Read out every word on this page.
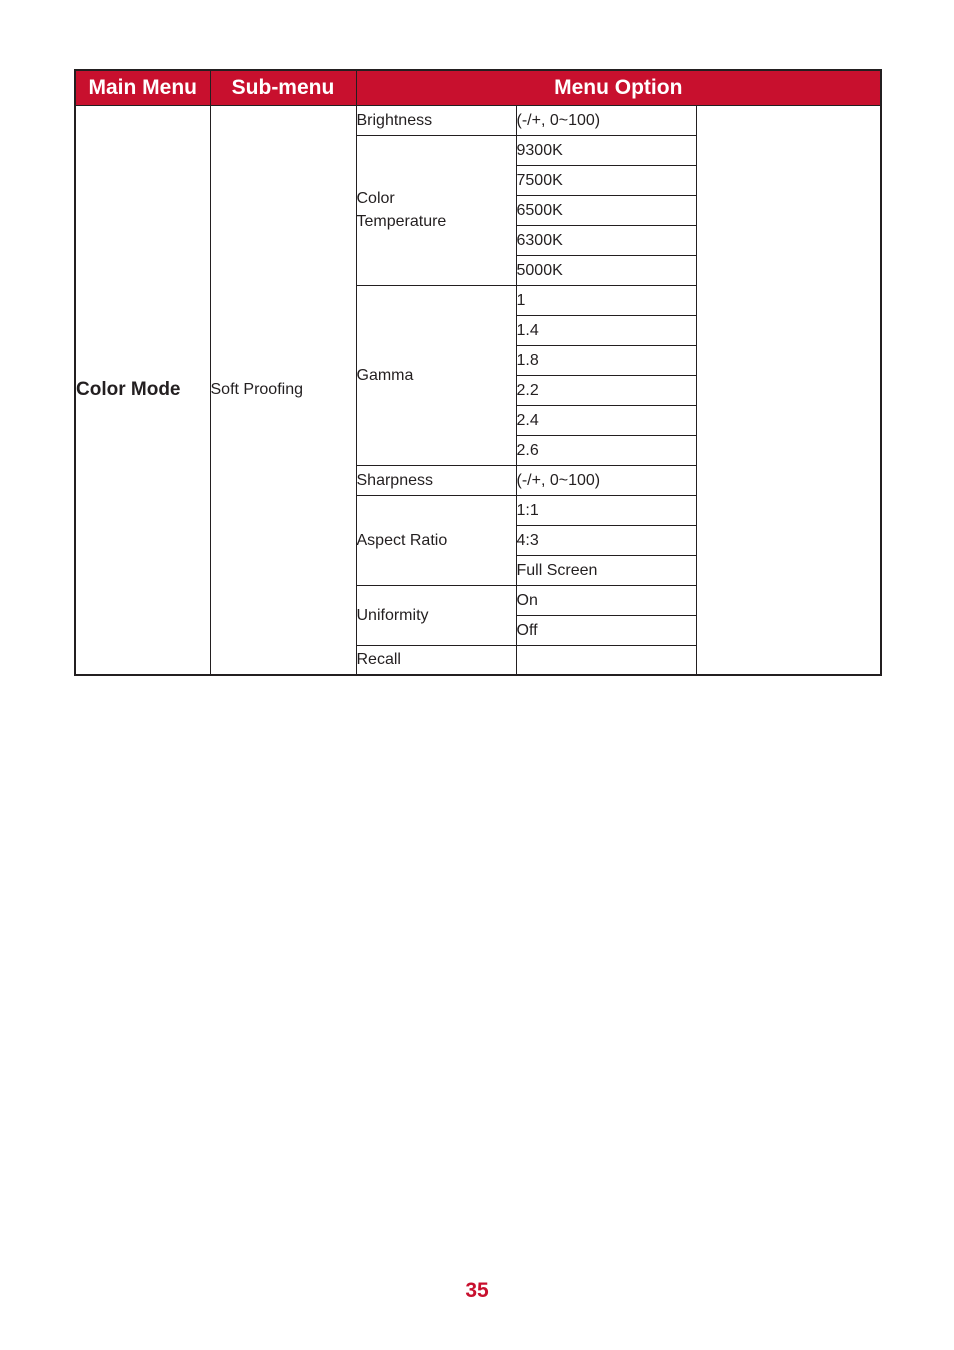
Main Menu	Sub-menu	Menu Option		
Color Mode	Soft Proofing	Brightness	(-/+, 0~100)	
		Color Temperature	9300K	
			7500K	
			6500K	
			6300K	
			5000K	
		Gamma	1	
			1.4	
			1.8	
			2.2	
			2.4	
			2.6	
		Sharpness	(-/+, 0~100)	
		Aspect Ratio	1:1	
			4:3	
			Full Screen	
		Uniformity	On	
			Off	
		Recall		
35
